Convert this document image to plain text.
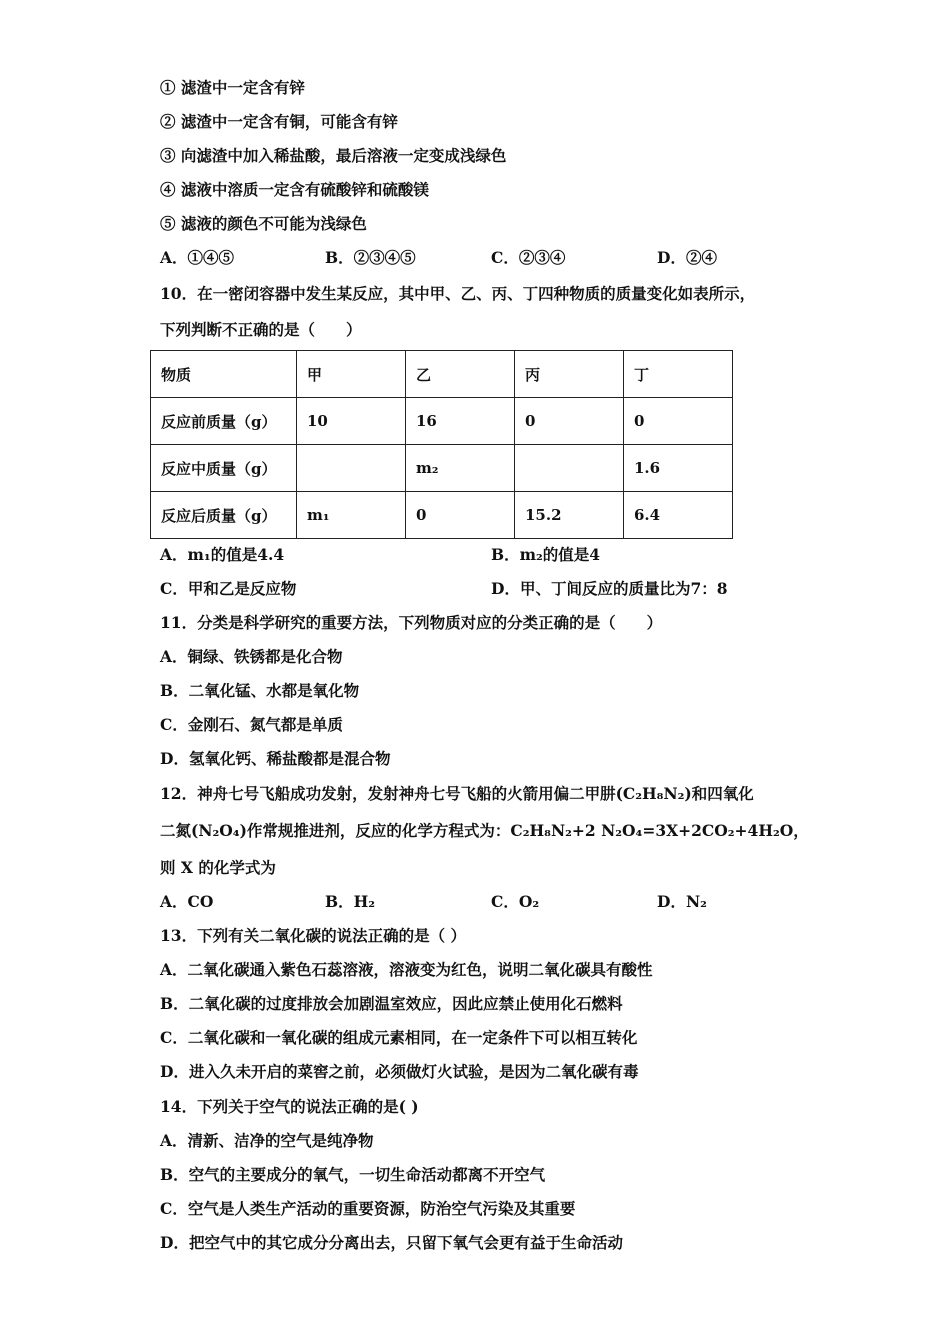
① 滤渣中一定含有锌
② 滤渣中一定含有铜，可能含有锌
③ 向滤渣中加入稀盐酸，最后溶液一定变成浅绿色
④ 滤液中溶质一定含有硫酸锌和硫酸镁
⑤ 滤液的颜色不可能为浅绿色
A．①④⑤	B．②③④⑤	C．②③④	D．②④
10．在一密闭容器中发生某反应，其中甲、乙、丙、丁四种物质的质量变化如表所示，
下列判断不正确的是（　　）
物质	甲	乙	丙	丁
反应前质量（g）	10	16	0	0
反应中质量（g）		m₂		1.6
反应后质量（g）	m₁	0	15.2	6.4
A．m₁的值是4.4	B．m₂的值是4
C．甲和乙是反应物	D．甲、丁间反应的质量比为7：8
11．分类是科学研究的重要方法，下列物质对应的分类正确的是（　　）
A．铜绿、铁锈都是化合物
B．二氧化锰、水都是氧化物
C．金刚石、氮气都是单质
D．氢氧化钙、稀盐酸都是混合物
12．神舟七号飞船成功发射，发射神舟七号飞船的火箭用偏二甲肼(C₂H₈N₂)和四氧化
二氮(N₂O₄)作常规推进剂，反应的化学方程式为：C₂H₈N₂+2 N₂O₄=3X+2CO₂+4H₂O，
则 X 的化学式为
A．CO	B．H₂	C．O₂	D．N₂
13．下列有关二氧化碳的说法正确的是（ ）
A．二氧化碳通入紫色石蕊溶液，溶液变为红色，说明二氧化碳具有酸性
B．二氧化碳的过度排放会加剧温室效应，因此应禁止使用化石燃料
C．二氧化碳和一氧化碳的组成元素相同，在一定条件下可以相互转化
D．进入久未开启的菜窖之前，必须做灯火试验，是因为二氧化碳有毒
14．下列关于空气的说法正确的是( )
A．清新、洁净的空气是纯净物
B．空气的主要成分的氧气，一切生命活动都离不开空气
C．空气是人类生产活动的重要资源，防治空气污染及其重要
D．把空气中的其它成分分离出去，只留下氧气会更有益于生命活动
